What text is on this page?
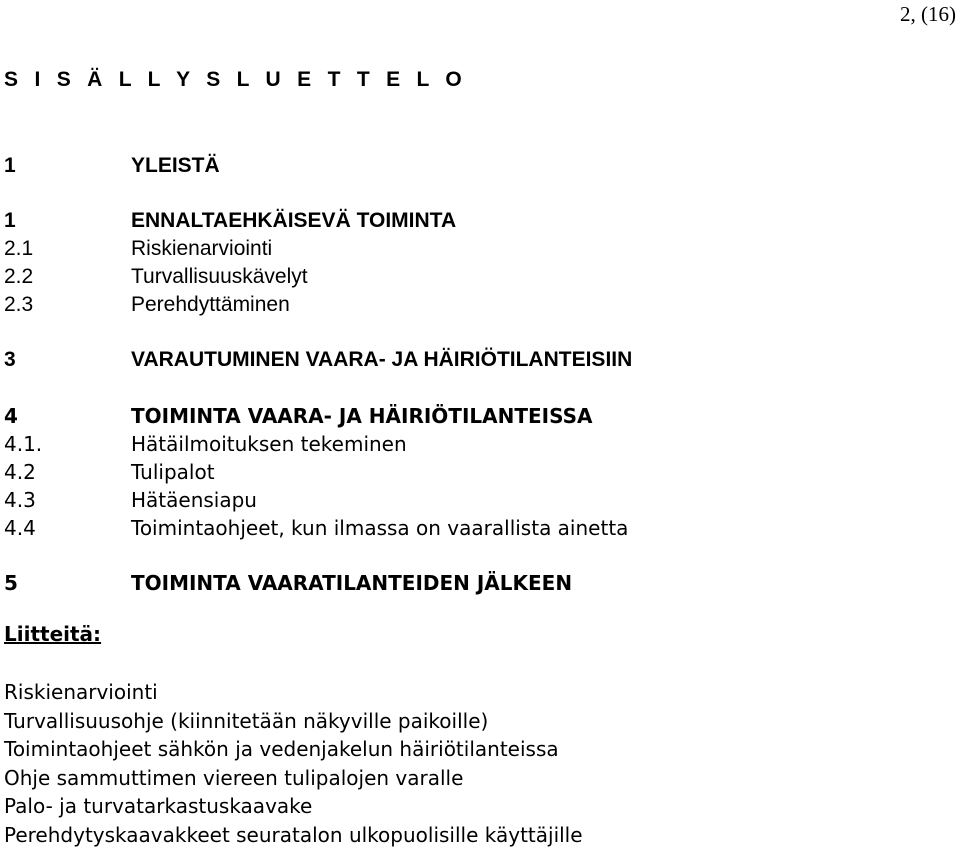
2, (16)
S I S Ä L L Y S L U E T T E L O
1	YLEISTÄ
1	ENNALTAEHKÄISEVÄ TOIMINTA
2.1	Riskienarviointi
2.2	Turvallisuuskävelyt
2.3	Perehdyttäminen
3	VARAUTUMINEN VAARA- JA HÄIRIÖTILANTEISIIN
4	TOIMINTA VAARA- JA HÄIRIÖTILANTEISSA
4.1.	Hätäilmoituksen tekeminen
4.2	Tulipalot
4.3	Hätäensiapu
4.4	Toimintaohjeet, kun ilmassa on vaarallista ainetta
5	TOIMINTA VAARATILANTEIDEN JÄLKEEN
Liitteitä:
Riskienarviointi
Turvallisuusohje (kiinnitetään näkyville paikoille)
Toimintaohjeet sähkön ja vedenjakelun häiriötilanteissa
Ohje sammuttimen viereen tulipalojen varalle
Palo- ja turvatarkastuskaavake
Perehdytyskaavakkeet seuratalon ulkopuolisille käyttäjille
